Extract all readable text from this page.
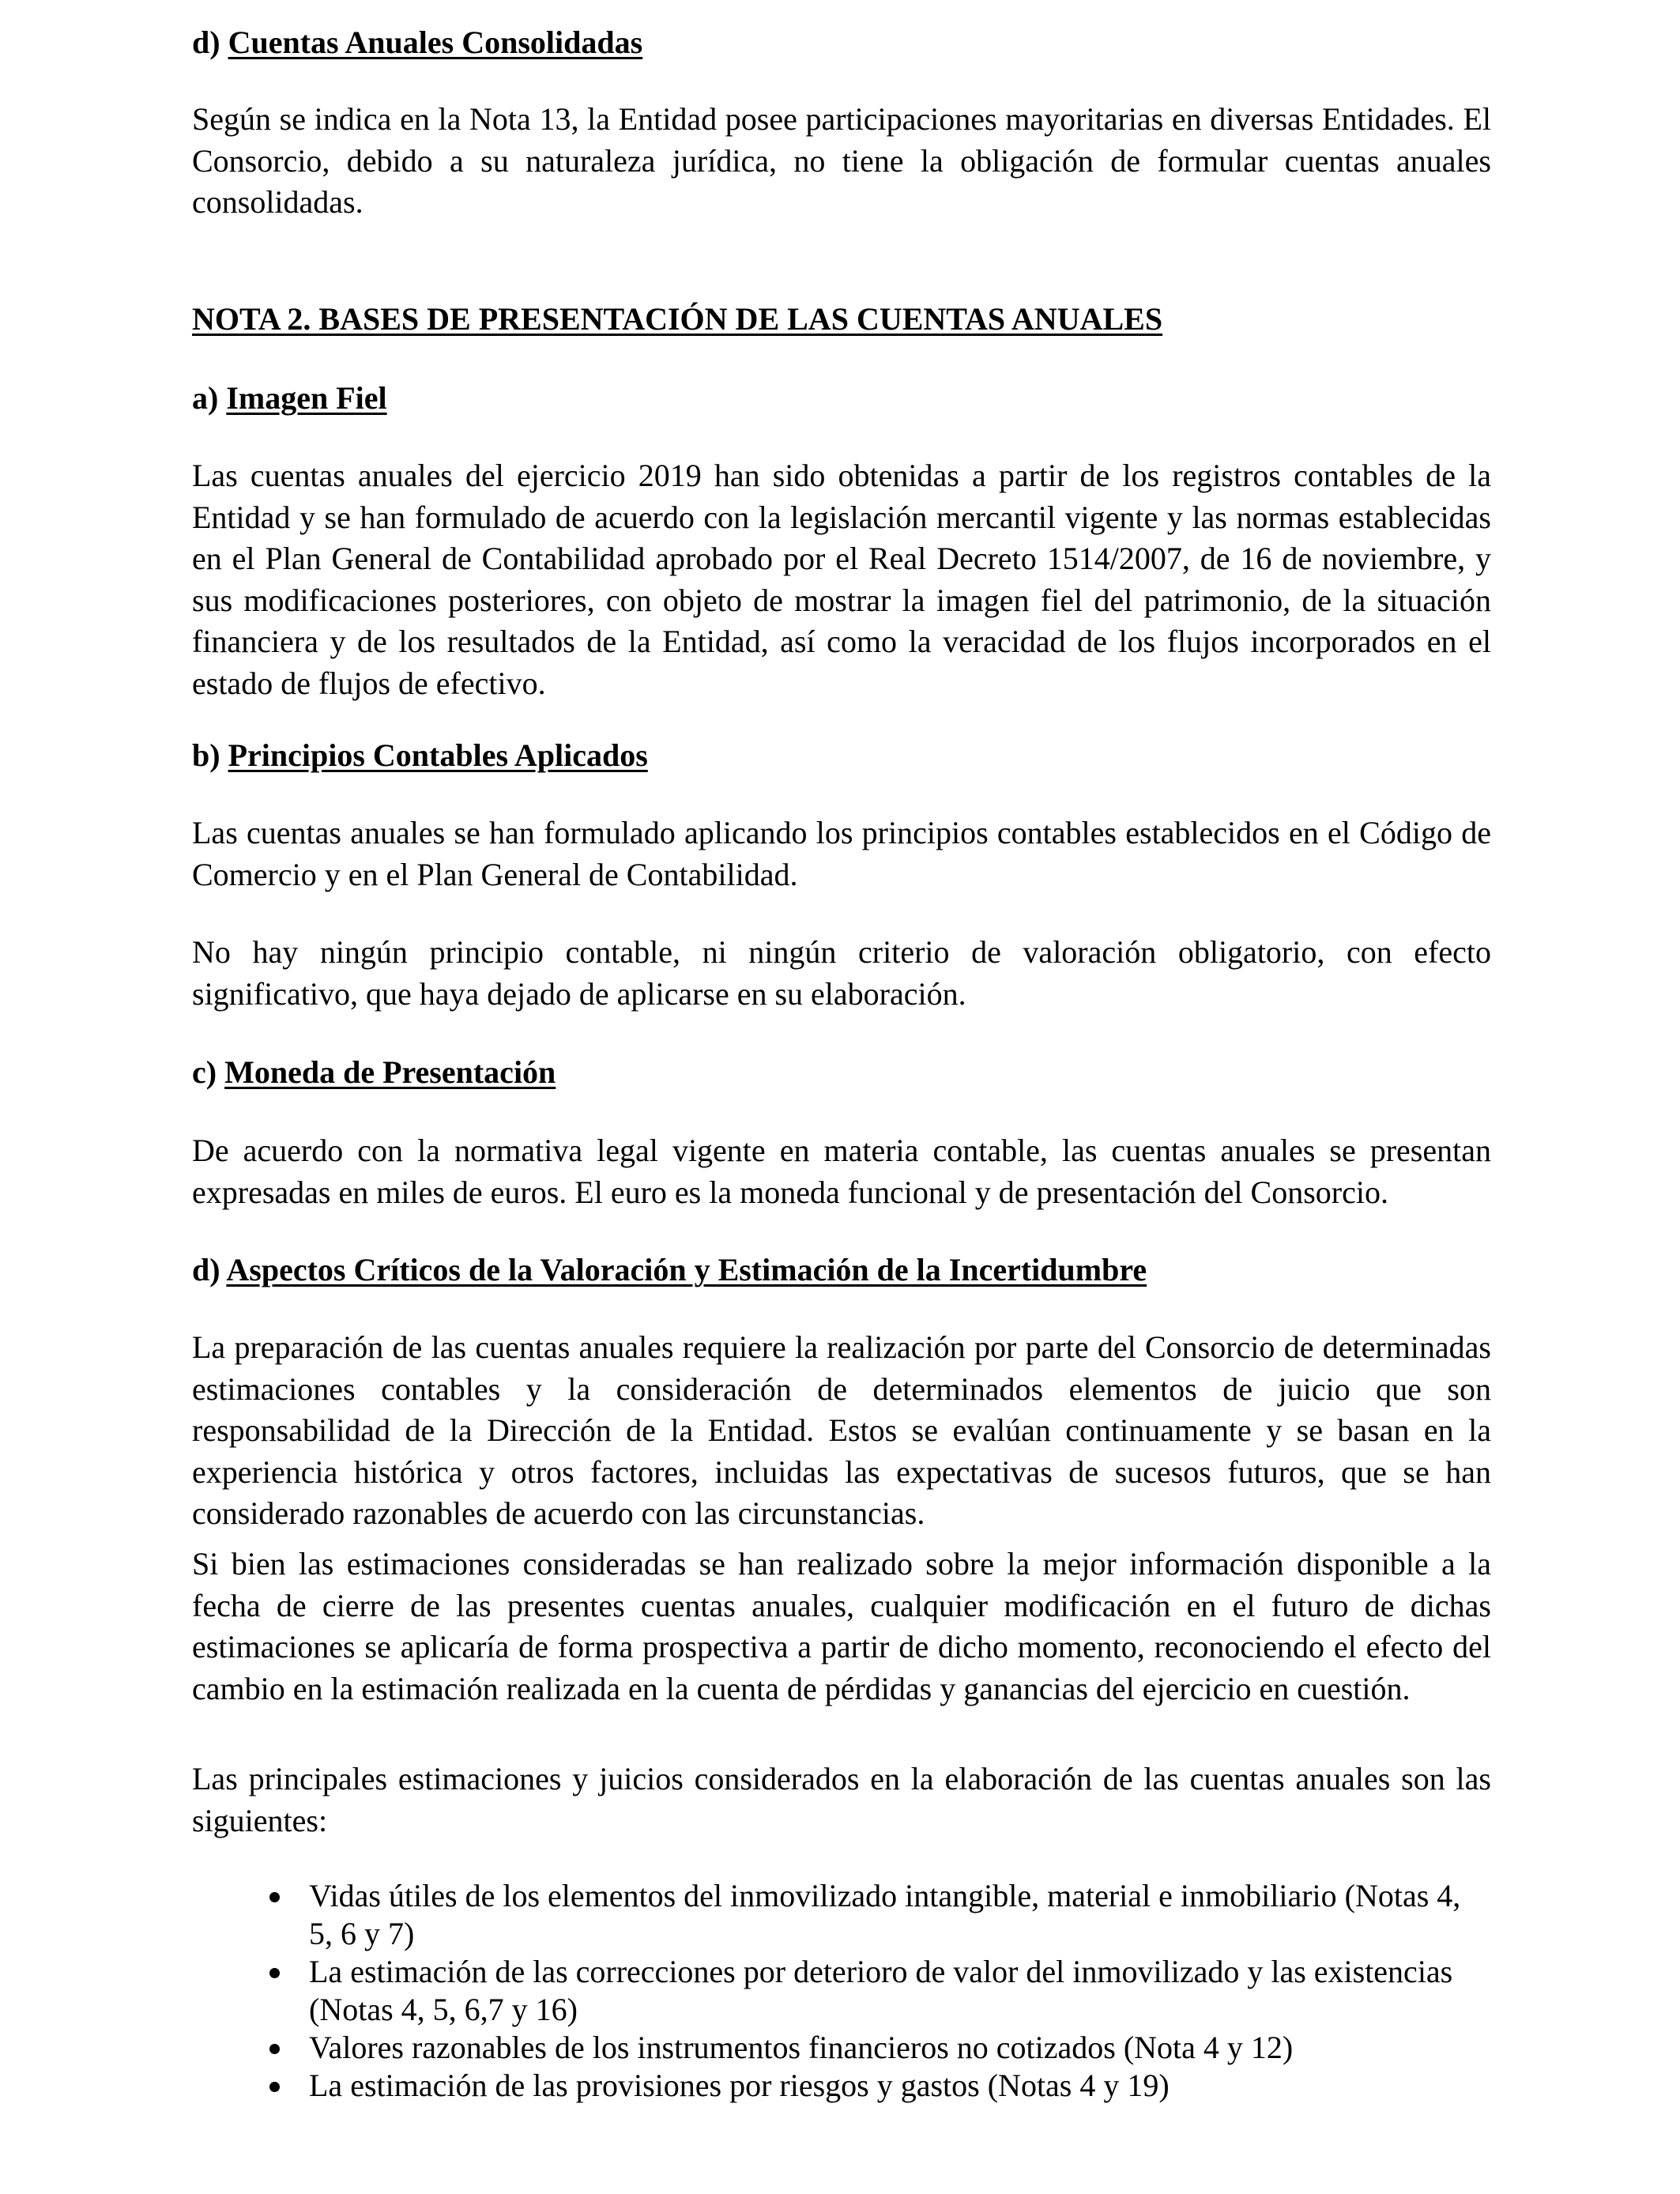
d) Cuentas Anuales Consolidadas

Según se indica en la Nota 13, la Entidad posee participaciones mayoritarias en diversas Entidades. El Consorcio, debido a su naturaleza jurídica, no tiene la obligación de formular cuentas anuales consolidadas.

NOTA 2. BASES DE PRESENTACIÓN DE LAS CUENTAS ANUALES
a) Imagen Fiel

Las cuentas anuales del ejercicio 2019 han sido obtenidas a partir de los registros contables de la Entidad y se han formulado de acuerdo con la legislación mercantil vigente y las normas establecidas en el Plan General de Contabilidad aprobado por el Real Decreto 1514/2007, de 16 de noviembre, y sus modificaciones posteriores, con objeto de mostrar la imagen fiel del patrimonio, de la situación financiera y de los resultados de la Entidad, así como la veracidad de los flujos incorporados en el estado de flujos de efectivo.

b) Principios Contables Aplicados

Las cuentas anuales se han formulado aplicando los principios contables establecidos en el Código de Comercio y en el Plan General de Contabilidad.

No hay ningún principio contable, ni ningún criterio de valoración obligatorio, con efecto significativo, que haya dejado de aplicarse en su elaboración.

c) Moneda de Presentación

De acuerdo con la normativa legal vigente en materia contable, las cuentas anuales se presentan expresadas en miles de euros. El euro es la moneda funcional y de presentación del Consorcio.

d) Aspectos Críticos de la Valoración y Estimación de la Incertidumbre

La preparación de las cuentas anuales requiere la realización por parte del Consorcio de determinadas estimaciones contables y la consideración de determinados elementos de juicio que son responsabilidad de la Dirección de la Entidad. Estos se evalúan continuamente y se basan en la experiencia histórica y otros factores, incluidas las expectativas de sucesos futuros, que se han considerado razonables de acuerdo con las circunstancias.

Si bien las estimaciones consideradas se han realizado sobre la mejor información disponible a la fecha de cierre de las presentes cuentas anuales, cualquier modificación en el futuro de dichas estimaciones se aplicaría de forma prospectiva a partir de dicho momento, reconociendo el efecto del cambio en la estimación realizada en la cuenta de pérdidas y ganancias del ejercicio en cuestión.

Las principales estimaciones y juicios considerados en la elaboración de las cuentas anuales son las siguientes:

Vidas útiles de los elementos del inmovilizado intangible, material e inmobiliario (Notas 4, 5, 6 y 7)
La estimación de las correcciones por deterioro de valor del inmovilizado y las existencias (Notas 4, 5, 6,7 y 16)
Valores razonables de los instrumentos financieros no cotizados (Nota 4 y 12)
La estimación de las provisiones por riesgos y gastos (Notas 4 y 19)
